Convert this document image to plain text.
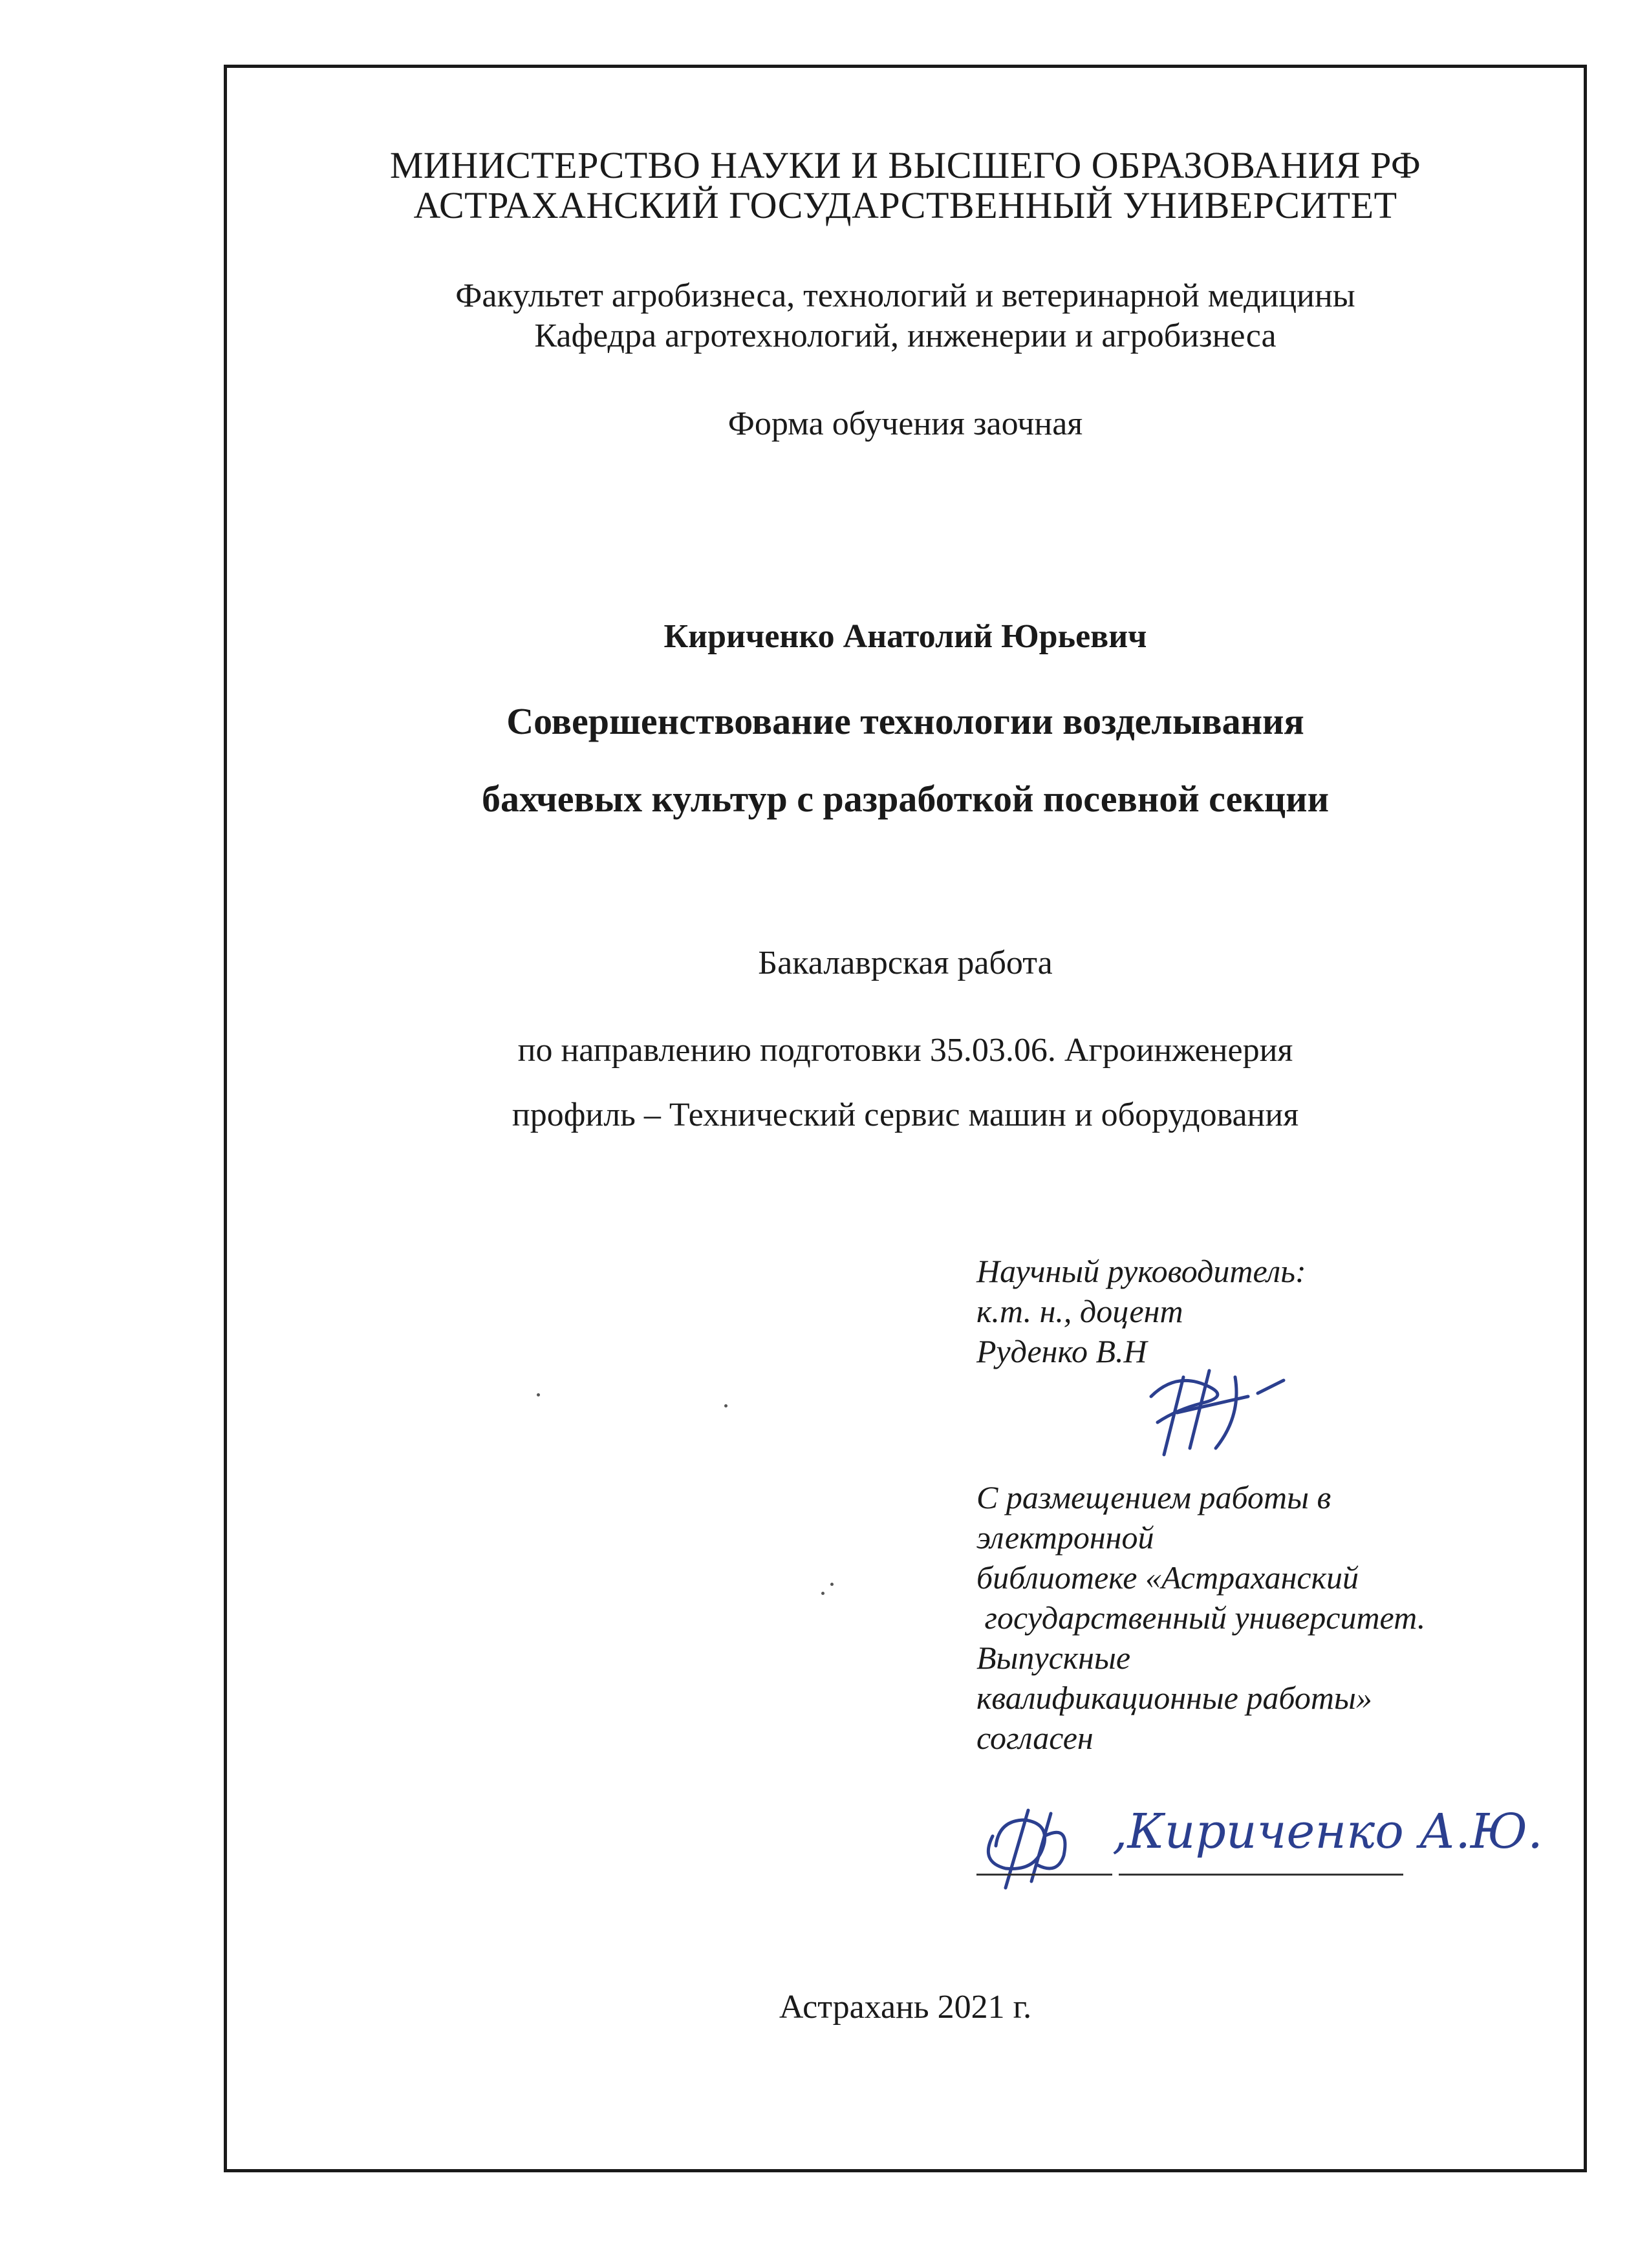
МИНИСТЕРСТВО НАУКИ И ВЫСШЕГО ОБРАЗОВАНИЯ РФ
АСТРАХАНСКИЙ ГОСУДАРСТВЕННЫЙ УНИВЕРСИТЕТ
Факультет агробизнеса, технологий и ветеринарной медицины
Кафедра агротехнологий, инженерии и агробизнеса
Форма обучения заочная
Кириченко Анатолий Юрьевич
Совершенствование технологии возделывания
бахчевых культур с разработкой посевной секции
Бакалаврская работа
по направлению подготовки 35.03.06. Агроинженерия
профиль – Технический сервис машин и оборудования
Научный руководитель:
к.т. н., доцент
Руденко В.Н
С размещением работы в
электронной
библиотеке «Астраханский
государственный университет.
Выпускные
квалификационные работы»
согласен
,Кириченко А.Ю.
Астрахань 2021 г.
